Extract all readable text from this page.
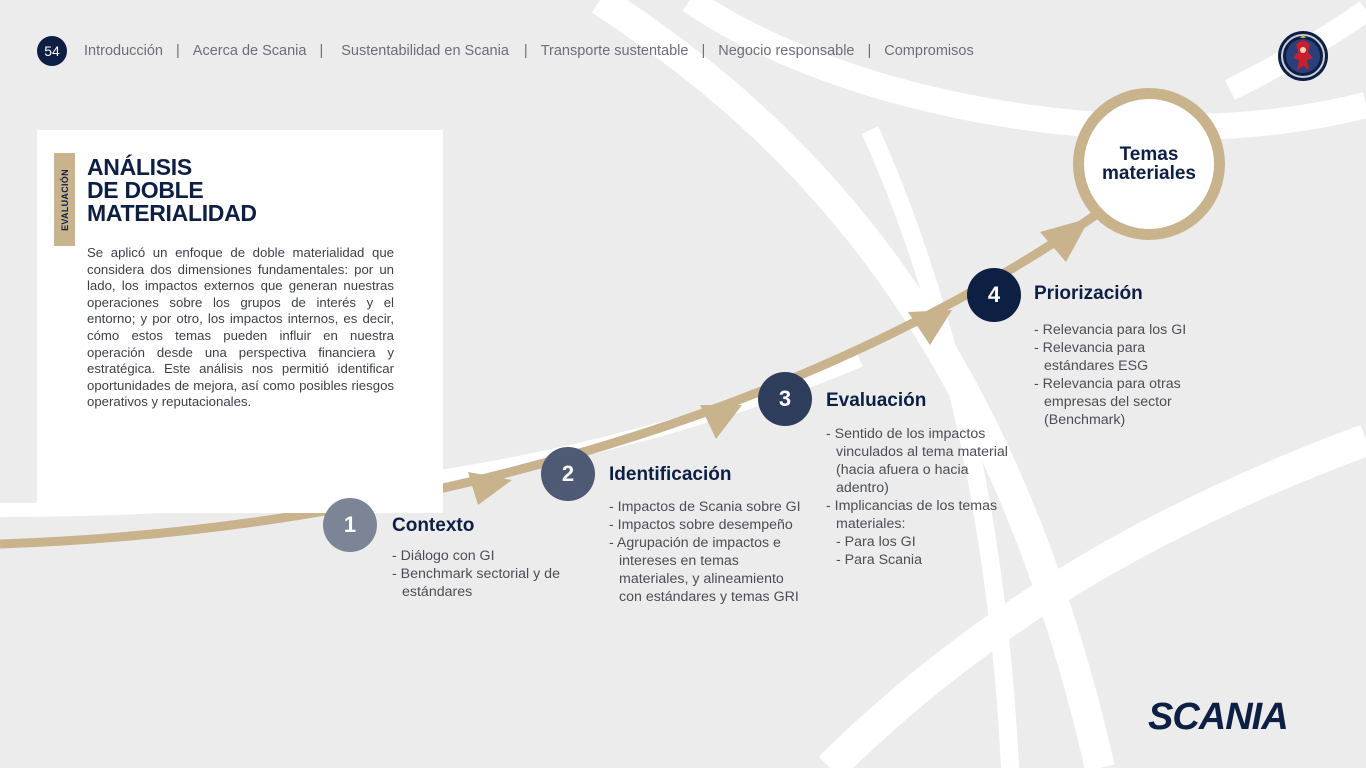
54	Introducción | Acerca de Scania | Sustentabilidad en Scania | Transporte sustentable | Negocio responsable | Compromisos
EVALUACIÓN
ANÁLISIS
DE DOBLE
MATERIALIDAD

Se aplicó un enfoque de doble materialidad que considera dos dimensiones fundamentales: por un lado, los impactos externos que generan nuestras operaciones sobre los grupos de interés y el entorno; y por otro, los impactos internos, es decir, cómo estos temas pueden influir en nuestra operación desde una perspectiva financiera y estratégica. Este análisis nos permitió identificar oportunidades de mejora, así como posibles riesgos operativos y reputacionales.

1	Contexto
- Diálogo con GI
- Benchmark sectorial y de estándares
2	Identificación
- Impactos de Scania sobre GI
- Impactos sobre desempeño
- Agrupación de impactos e intereses en temas materiales, y alineamiento con estándares y temas GRI
3	Evaluación
- Sentido de los impactos vinculados al tema material (hacia afuera o hacia adentro)
- Implicancias de los temas materiales:
- Para los GI
- Para Scania
4	Priorización
- Relevancia para los GI
- Relevancia para estándares ESG
- Relevancia para otras empresas del sector (Benchmark)
Temas
materiales
SCANIA
